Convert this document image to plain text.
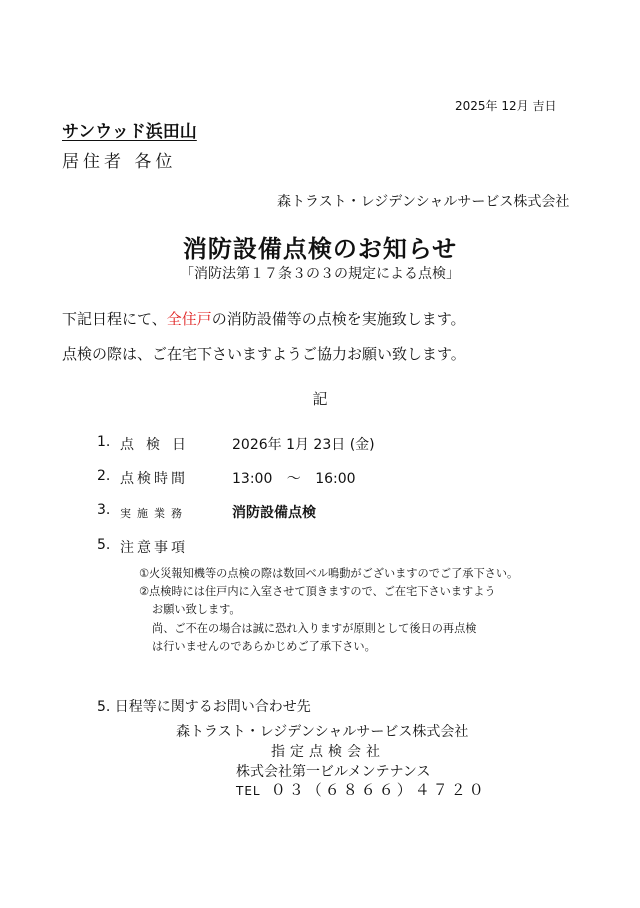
2025年 12月 吉日
サンウッド浜田山
居住者 各位
森トラスト・レジデンシャルサービス株式会社
消防設備点検のお知らせ
「消防法第１７条３の３の規定による点検」
下記日程にて、全住戸の消防設備等の点検を実施致します。
点検の際は、ご在宅下さいますようご協力お願い致します。
記
1. 点検日 2026年 1月 23日 (金)
2. 点検時間	13:00 ～ 16:00
3. 実施業務	消防設備点検
5. 注意事項
①火災報知機等の点検の際は数回ベル鳴動がございますのでご了承下さい。
②点検時には住戸内に入室させて頂きますので、ご在宅下さいますよう
お願い致します。
尚、ご不在の場合は誠に恐れ入りますが原則として後日の再点検
は行いませんのであらかじめご了承下さい。
5. 日程等に関するお問い合わせ先
森トラスト・レジデンシャルサービス株式会社
指定点検会社
株式会社第一ビルメンテナンス
TEL ０３（６８６６）４７２０
